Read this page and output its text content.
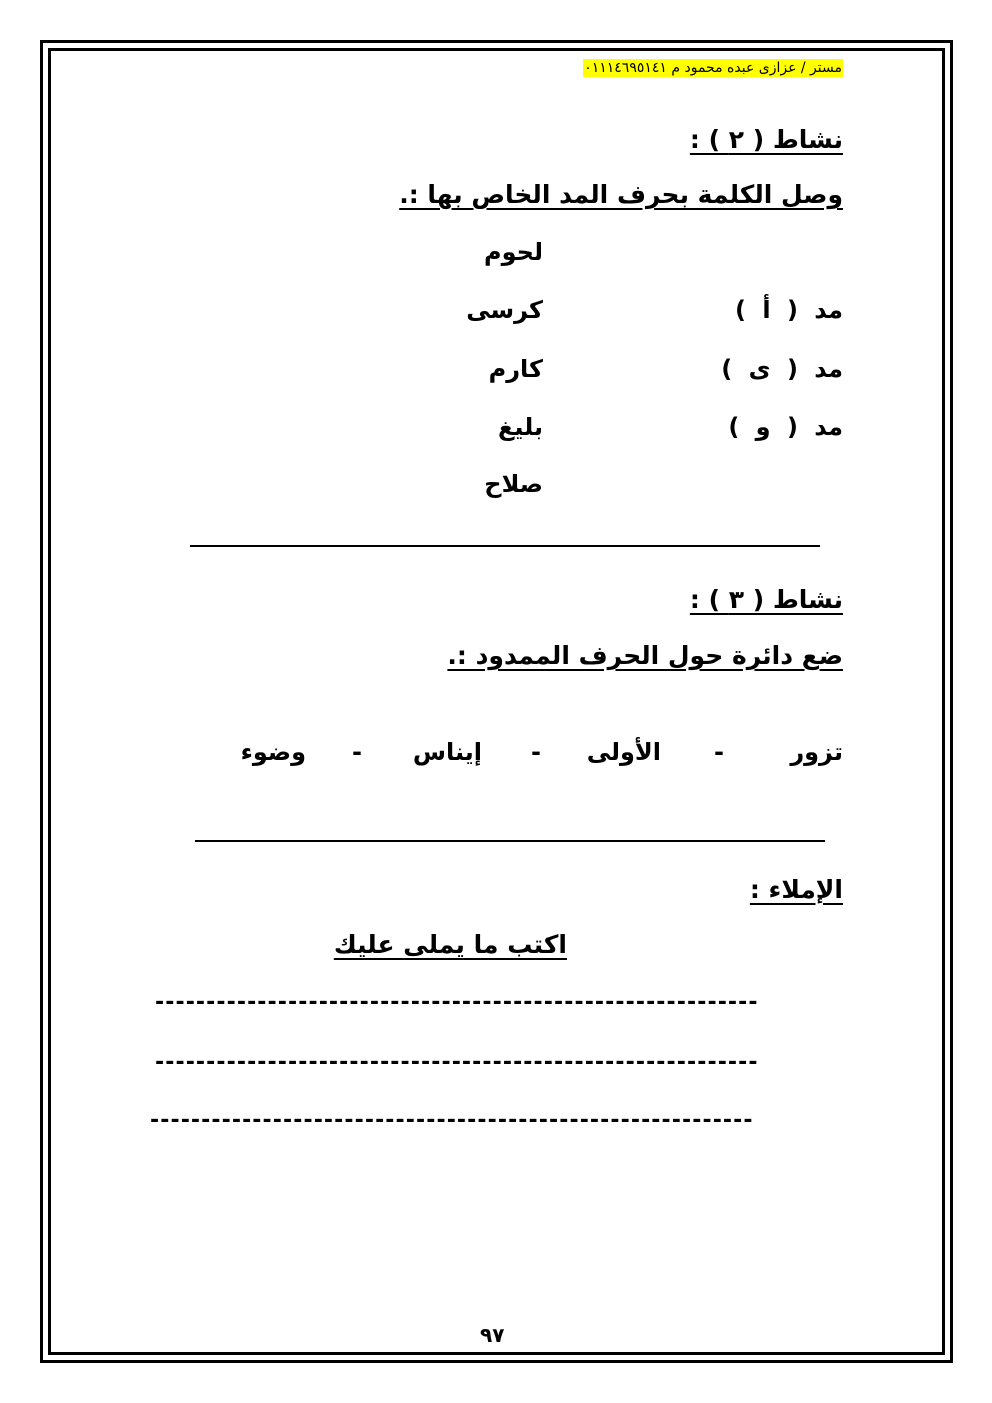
مستر / عزازى عبده محمود م ٠١١١٤٦٩٥١٤١
نشاط ( ٢ ) :
وصل الكلمة بحرف المد الخاص بها :.
لحوم
كرسى
كارم
بليغ
صلاح
مد ( أ )
مد ( ى )
مد ( و )
نشاط ( ٣ ) :
ضع دائرة حول الحرف الممدود :.
تزور
-
الأولى
-
إيناس
-
وضوء
الإملاء :
اكتب ما يملى عليك
-----------------------------------------------------------
-----------------------------------------------------------
-----------------------------------------------------------
٩٧
